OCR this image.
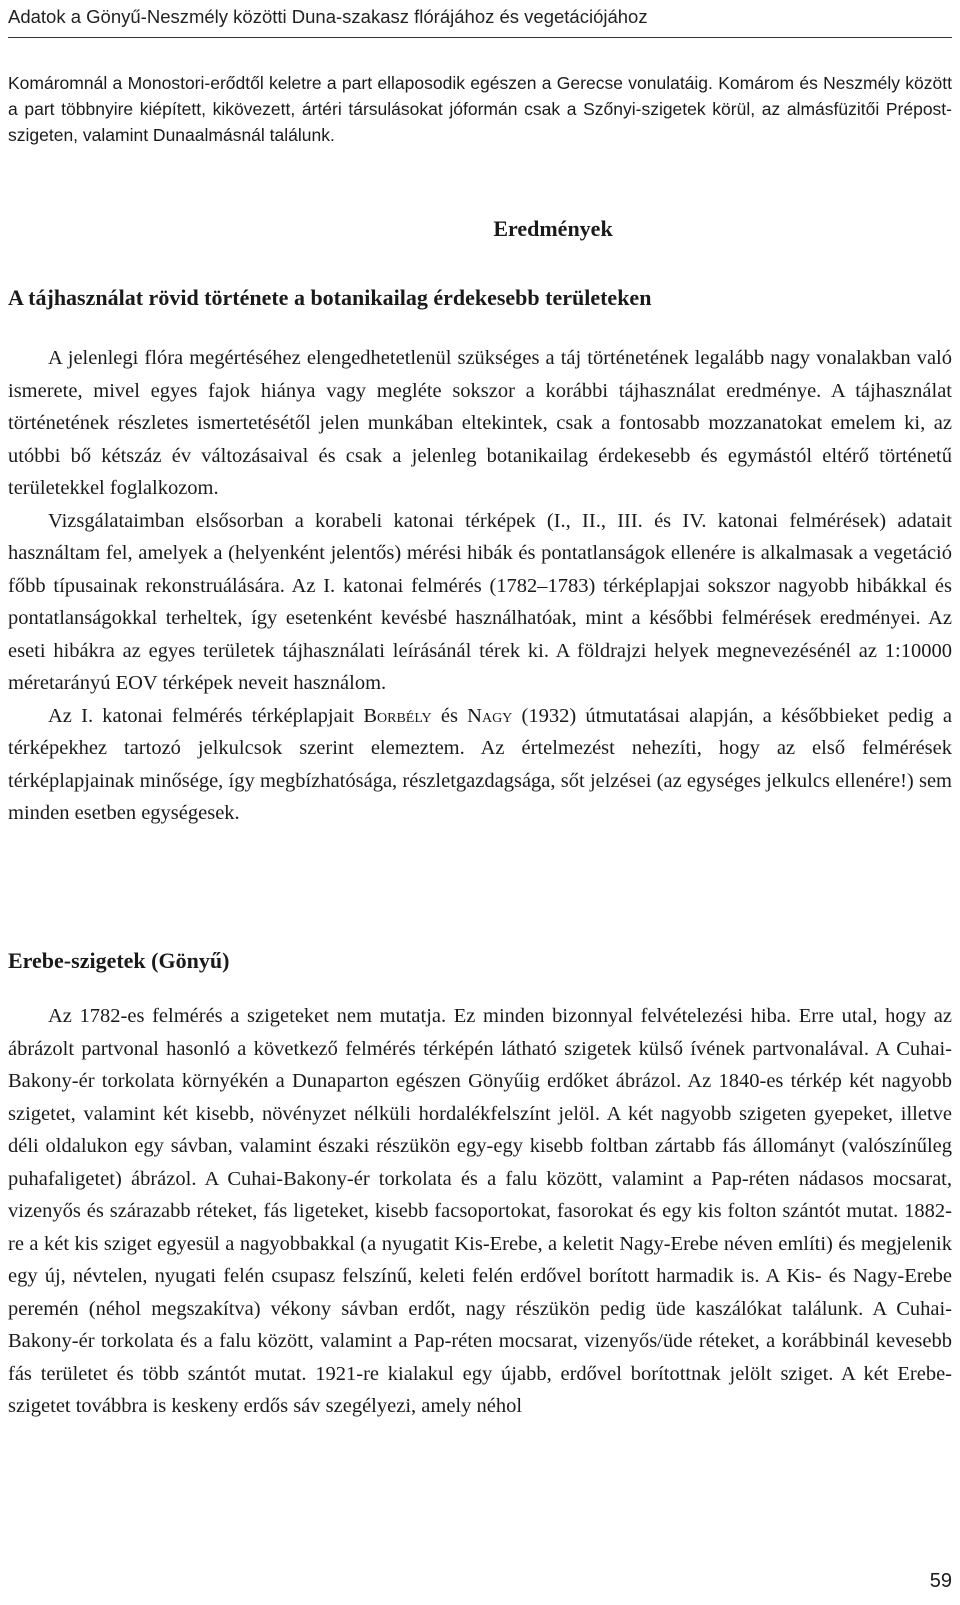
Adatok a Gönyű-Neszmély közötti Duna-szakasz flórájához és vegetációjához

Komáromnál a Monostori-erődtől keletre a part ellaposodik egészen a Gerecse vonulatáig. Komárom és Neszmély között a part többnyire kiépített, kikövezett, ártéri társulásokat jóformán csak a Szőnyi-szigetek körül, az almásfüzitői Prépost-szigeten, valamint Dunaalmásnál találunk.

Eredmények
A tájhasználat rövid története a botanikailag érdekesebb területeken

A jelenlegi flóra megértéséhez elengedhetetlenül szükséges a táj történetének legalább nagy vonalakban való ismerete, mivel egyes fajok hiánya vagy megléte sokszor a korábbi tájhasználat eredménye. A tájhasználat történetének részletes ismertetésétől jelen munkában eltekintek, csak a fontosabb mozzanatokat emelem ki, az utóbbi bő kétszáz év változásaival és csak a jelenleg botanikailag érdekesebb és egymástól eltérő történetű területekkel foglalkozom.

Vizsgálataimban elsősorban a korabeli katonai térképek (I., II., III. és IV. katonai felmérések) adatait használtam fel, amelyek a (helyenként jelentős) mérési hibák és pontatlanságok ellenére is alkalmasak a vegetáció főbb típusainak rekonstruálására. Az I. katonai felmérés (1782–1783) térképlapjai sokszor nagyobb hibákkal és pontatlanságokkal terheltek, így esetenként kevésbé használhatóak, mint a későbbi felmérések eredményei. Az eseti hibákra az egyes területek tájhasználati leírásánál térek ki. A földrajzi helyek megnevezésénél az 1:10000 méretarányú EOV térképek neveit használom.

Az I. katonai felmérés térképlapjait Borbély és Nagy (1932) útmutatásai alapján, a későbbieket pedig a térképekhez tartozó jelkulcsok szerint elemeztem. Az értelmezést nehezíti, hogy az első felmérések térképlapjainak minősége, így megbízhatósága, részletgazdagsága, sőt jelzései (az egységes jelkulcs ellenére!) sem minden esetben egységesek.

Erebe-szigetek (Gönyű)

Az 1782-es felmérés a szigeteket nem mutatja. Ez minden bizonnyal felvételezési hiba. Erre utal, hogy az ábrázolt partvonal hasonló a következő felmérés térképén látható szigetek külső ívének partvonalával. A Cuhai-Bakony-ér torkolata környékén a Dunaparton egészen Gönyűig erdőket ábrázol. Az 1840-es térkép két nagyobb szigetet, valamint két kisebb, növényzet nélküli hordalékfelszínt jelöl. A két nagyobb szigeten gyepeket, illetve déli oldalukon egy sávban, valamint északi részükön egy-egy kisebb foltban zártabb fás állományt (valószínűleg puhafaligetet) ábrázol. A Cuhai-Bakony-ér torkolata és a falu között, valamint a Pap-réten nádasos mocsarat, vizenyős és szárazabb réteket, fás ligeteket, kisebb facsoportokat, fasorokat és egy kis folton szántót mutat. 1882-re a két kis sziget egyesül a nagyobbakkal (a nyugatit Kis-Erebe, a keletit Nagy-Erebe néven említi) és megjelenik egy új, névtelen, nyugati felén csupasz felszínű, keleti felén erdővel borított harmadik is. A Kis- és Nagy-Erebe peremén (néhol megszakítva) vékony sávban erdőt, nagy részükön pedig üde kaszálókat találunk. A Cuhai-Bakony-ér torkolata és a falu között, valamint a Pap-réten mocsarat, vizenyős/üde réteket, a korábbinál kevesebb fás területet és több szántót mutat. 1921-re kialakul egy újabb, erdővel borítottnak jelölt sziget. A két Erebe-szigetet továbbra is keskeny erdős sáv szegélyezi, amely néhol

59
